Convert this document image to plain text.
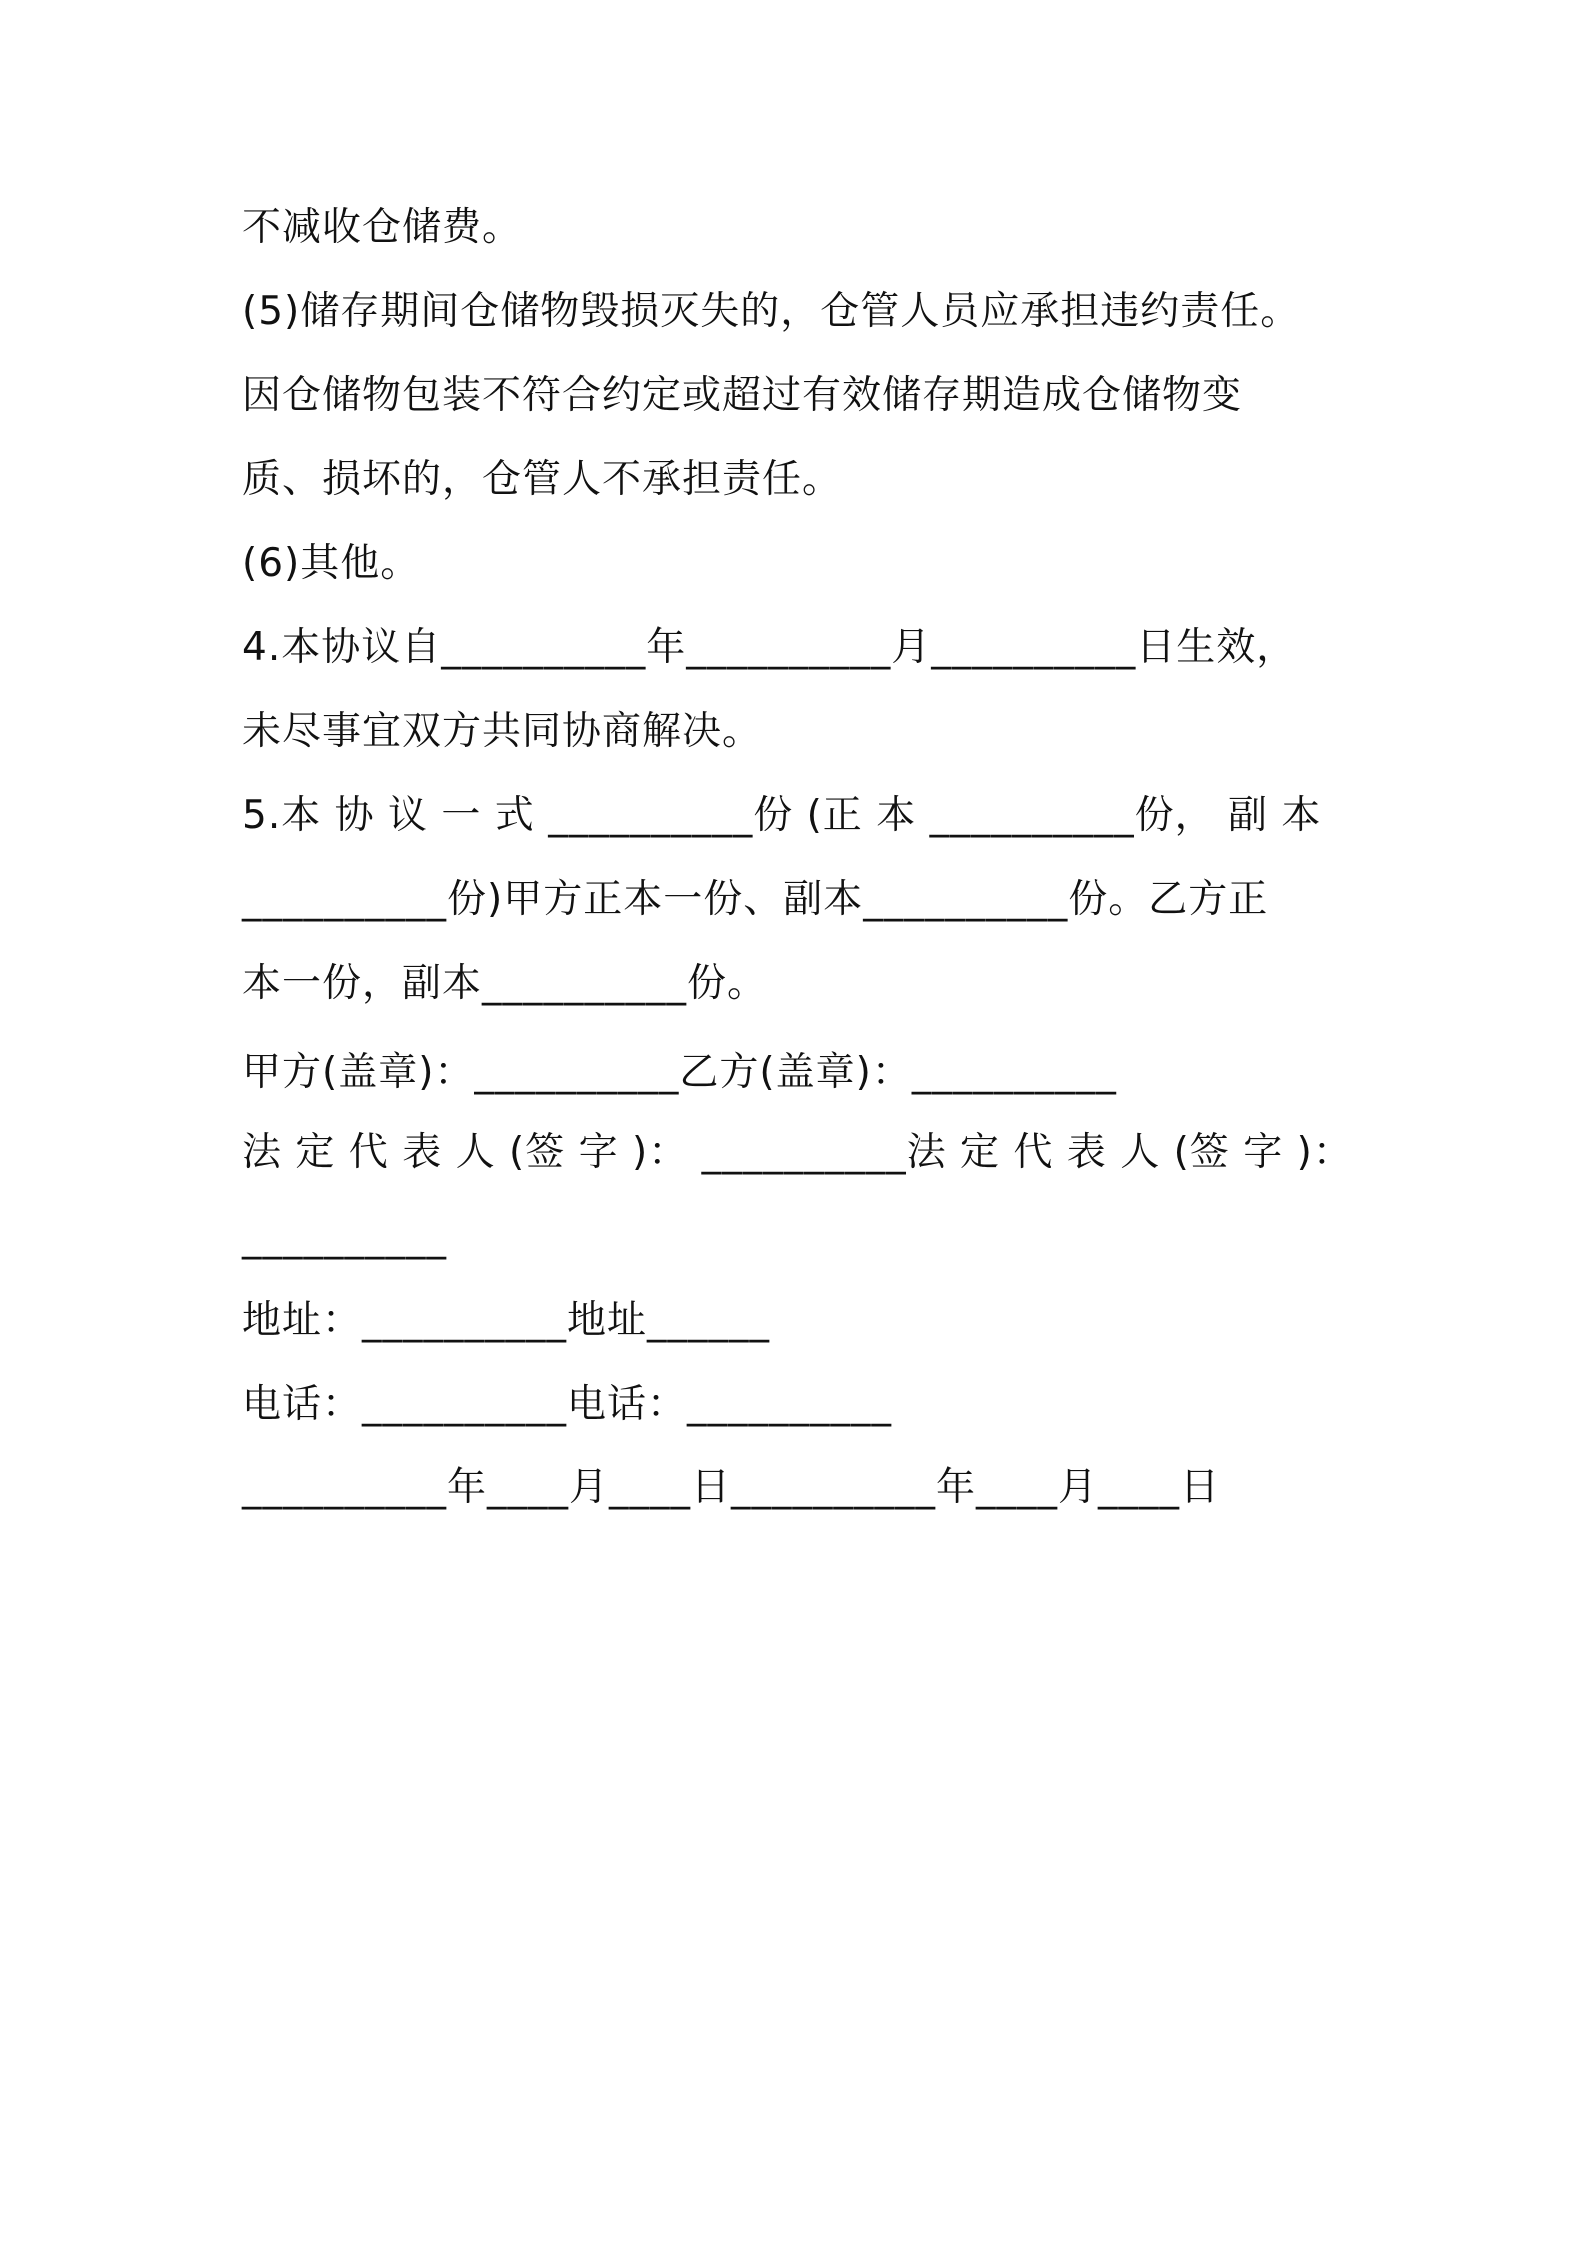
不减收仓储费。
(5)储存期间仓储物毁损灭失的，仓管人员应承担违约责任。
因仓储物包装不符合约定或超过有效储存期造成仓储物变
质、损坏的，仓管人不承担责任。
(6)其他。
4.本协议自__________年__________月__________日生效，
未尽事宜双方共同协商解决。
5.本 协 议 一 式 __________份 (正 本 __________份， 副 本
__________份)甲方正本一份、副本__________份。乙方正
本一份，副本__________份。
甲方(盖章)：__________乙方(盖章)：__________
法 定 代 表 人 (签 字 )： __________法 定 代 表 人 (签 字 )：
__________
地址：__________地址______
电话：__________电话：__________
__________年____月____日__________年____月____日
